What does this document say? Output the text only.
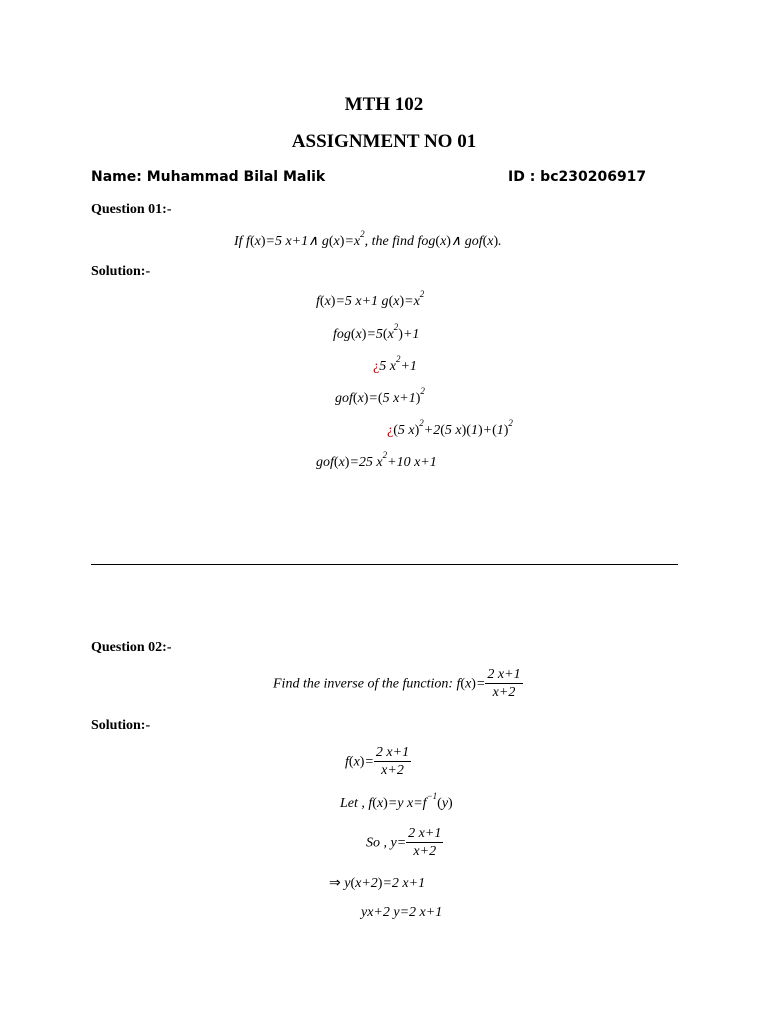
MTH 102
ASSIGNMENT NO 01
Name: Muhammad Bilal Malik	ID : bc230206917
Question 01:-
If f(x)=5 x+1∧ $g(x)=x^2$, the find fog(x)∧ gof(x).
Solution:-
f(x)=5 x+1 $g(x)=x^2$
$fog(x)=5(x^2)+1$
¿5 $x^2+1$
gof(x)=(5 x+1)$^2$
¿(5 x)$^2$+2(5 $x)(1)+(1)^2$
gof(x)=25 $x^2+10$ x+1
Question 02:-
Find the inverse of the function: $f(x)= \frac{2 x+1}{x+2}$
Solution:-
$f(x)= \frac{2 x+1}{x+2}$
Let , f(x)=y $x=f^{-1}(y)$
So , $y= \frac{2 x+1}{x+2}$
⇒ y(x+2)=2 x+1
yx+2 y=2 x+1
